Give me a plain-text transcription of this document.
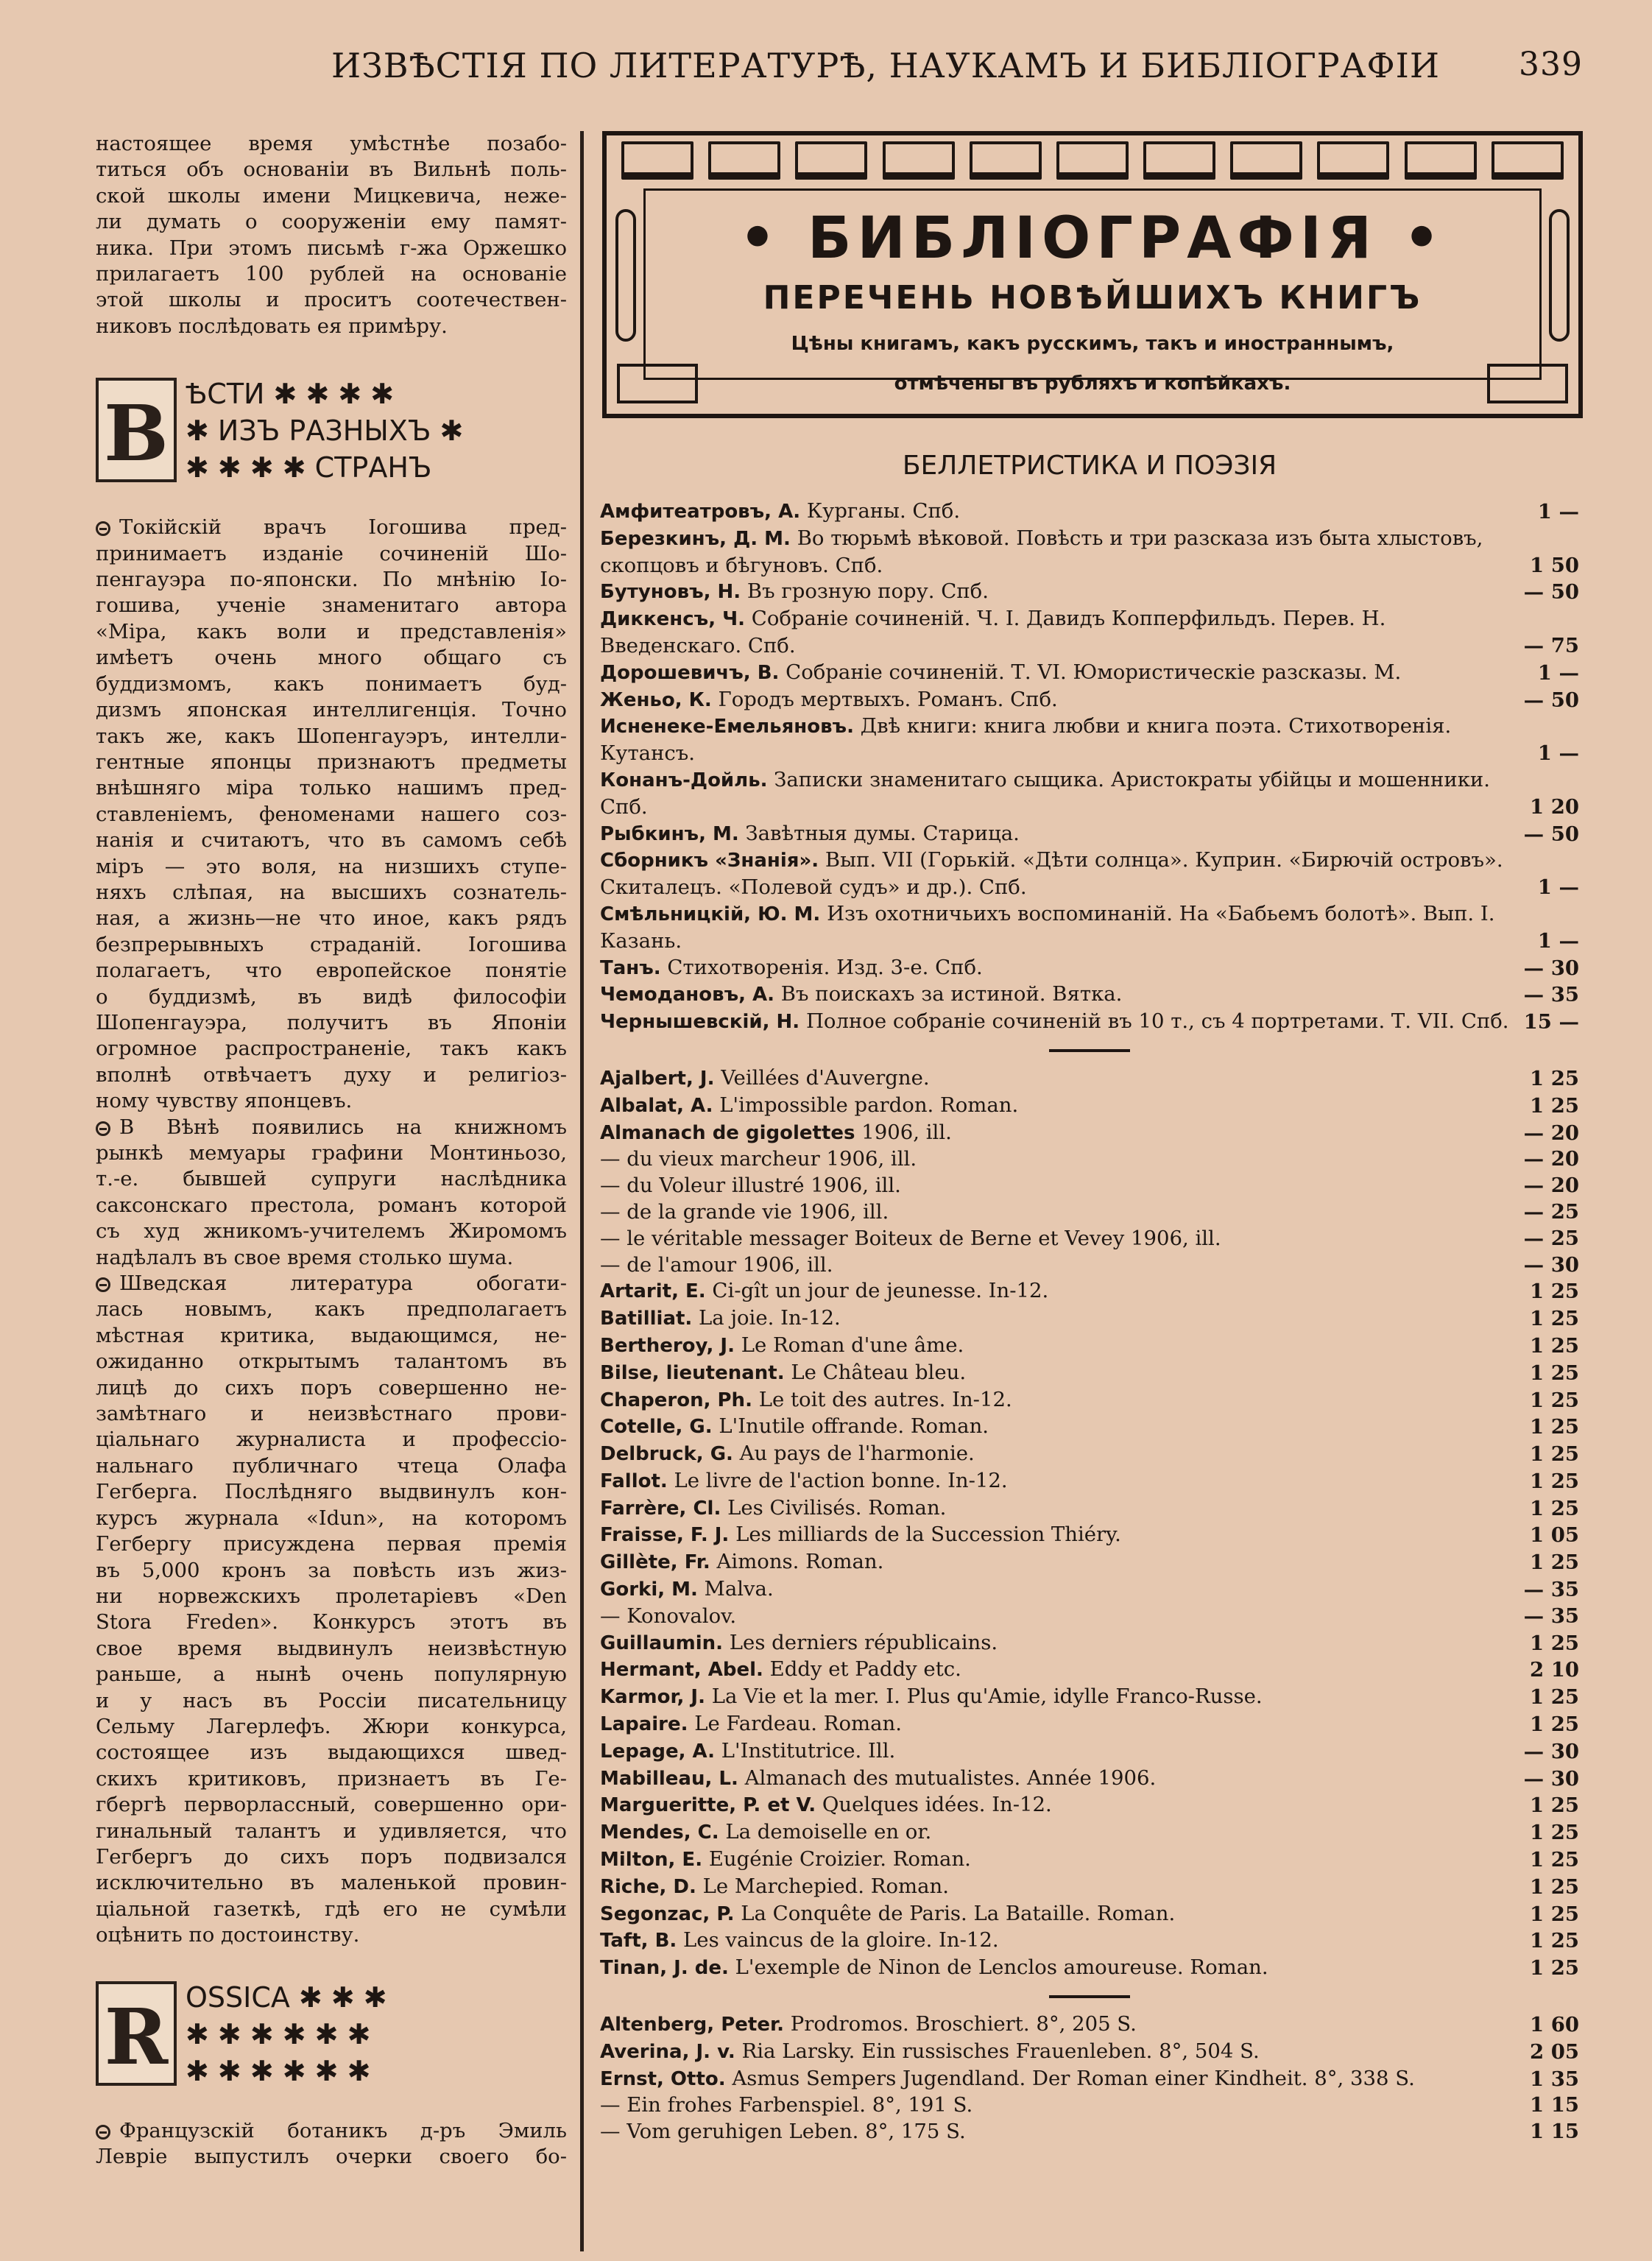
ИЗВѢСТІЯ ПО ЛИТЕРАТУРѢ, НАУКАМЪ И БИБЛІОГРАФІИ 339
настоящее время умѣстнѣе позабо-
титься объ основаніи въ Вильнѣ поль-
ской школы имени Мицкевича, неже-
ли думать о сооруженіи ему памят-
ника. При этомъ письмѣ г-жа Оржешко
прилагаетъ 100 рублей на основаніе
этой школы и проситъ соотечествен-
никовъ послѣдовать ея примѣру.
В ѢСТИ ✱ ✱ ✱ ✱
✱ ИЗЪ РАЗНЫХЪ ✱
✱ ✱ ✱ ✱ СТРАНЪ
Токійскій врачъ Іогошива пред-
принимаетъ изданіе сочиненій Шо-
пенгауэра по-японски. По мнѣнію Іо-
гошива, ученіе знаменитаго автора
«Міра, какъ воли и представленія»
имѣетъ очень много общаго съ
буддизмомъ, какъ понимаетъ буд-
дизмъ японская интеллигенція. Точно
такъ же, какъ Шопенгауэръ, интелли-
гентные японцы признаютъ предметы
внѣшняго міра только нашимъ пред-
ставленіемъ, феноменами нашего соз-
нанія и считаютъ, что въ самомъ себѣ
міръ — это воля, на низшихъ ступе-
няхъ слѣпая, на высшихъ сознатель-
ная, а жизнь—не что иное, какъ рядъ
безпрерывныхъ страданій. Іогошива
полагаетъ, что европейское понятіе
о буддизмѣ, въ видѣ философіи
Шопенгауэра, получитъ въ Японіи
огромное распространеніе, такъ какъ
вполнѣ отвѣчаетъ духу и религіоз-
ному чувству японцевъ.
В Вѣнѣ появились на книжномъ
рынкѣ мемуары графини Монтиньозо,
т.-е. бывшей супруги наслѣдника
саксонскаго престола, романъ которой
съ худ жникомъ-учителемъ Жиромомъ
надѣлалъ въ свое время столько шума.
Шведская литература обогати-
лась новымъ, какъ предполагаетъ
мѣстная критика, выдающимся, не-
ожиданно открытымъ талантомъ въ
лицѣ до сихъ поръ совершенно не-
замѣтнаго и неизвѣстнаго прови-
ціальнаго журналиста и профессіо-
нальнаго публичнаго чтеца Олафа
Гегберга. Послѣдняго выдвинулъ кон-
курсъ журнала «Idun», на которомъ
Гегбергу присуждена первая премія
въ 5,000 кронъ за повѣсть изъ жиз-
ни норвежскихъ пролетаріевъ «Den
Stora Freden». Конкурсъ этотъ въ
свое время выдвинулъ неизвѣстную
раньше, а нынѣ очень популярную
и у насъ въ Россіи писательницу
Сельму Лагерлефъ. Жюри конкурса,
состоящее изъ выдающихся швед-
скихъ критиковъ, признаетъ въ Ге-
гбергѣ перворлассный, совершенно ори-
гинальный талантъ и удивляется, что
Гегбергъ до сихъ поръ подвизался
исключительно въ маленькой провин-
ціальной газеткѣ, гдѣ его не сумѣли
оцѣнить по достоинству.
R OSSICA ✱ ✱ ✱
✱ ✱ ✱ ✱ ✱ ✱
✱ ✱ ✱ ✱ ✱ ✱
Французскій ботаникъ д-ръ Эмиль
Леврie выпустилъ очерки своего бо-
• БИБЛІОГРАФІЯ •
ПЕРЕЧЕНЬ НОВѢЙШИХЪ КНИГЪ
Цѣны книгамъ, какъ русскимъ, такъ и иностраннымъ,
отмѣчены въ рубляхъ и копѣйкахъ.
БЕЛЛЕТРИСТИКА И ПОЭЗІЯ
Амфитеатровъ, А. Курганы. Спб.	1 —
Березкинъ, Д. М. Во тюрьмѣ вѣковой. Повѣсть и три разсказа изъ быта хлыстовъ, скопцовъ и бѣгуновъ. Спб.	1 50
Бутуновъ, Н. Въ грозную пору. Спб.	— 50
Диккенсъ, Ч. Собраніе сочиненій. Ч. I. Давидъ Копперфильдъ. Перев. Н. Введенскаго. Спб.	— 75
Дорошевичъ, В. Собраніе сочиненій. Т. VI. Юмористическіе разсказы. М.	1 —
Женьо, К. Городъ мертвыхъ. Романъ. Спб.	— 50
Исненеке-Емельяновъ. Двѣ книги: книга любви и книга поэта. Стихотворенія. Кутансъ.	1 —
Конанъ-Дойль. Записки знаменитаго сыщика. Аристократы убійцы и мошенники. Спб.	1 20
Рыбкинъ, М. Завѣтныя думы. Старица.	— 50
Сборникъ «Знанія». Вып. VII (Горькій. «Дѣти солнца». Куприн. «Бирючій островъ». Скиталецъ. «Полевой судъ» и др.). Спб.	1 —
Смѣльницкій, Ю. М. Изъ охотничьихъ воспоминаній. На «Бабьемъ болотѣ». Вып. I. Казань.	1 —
Танъ. Стихотворенія. Изд. 3-е. Спб.	— 30
Чемодановъ, А. Въ поискахъ за истиной. Вятка.	— 35
Чернышевскій, Н. Полное собраніе сочиненій въ 10 т., съ 4 портретами. Т. VII. Спб. 15 —
Ajalbert, J. Veillées d'Auvergne.	1 25
Albalat, A. L'impossible pardon. Roman.	1 25
Almanach de gigolettes 1906, ill.	— 20
— du vieux marcheur 1906, ill.	— 20
— du Voleur illustré 1906, ill.	— 20
— de la grande vie 1906, ill.	— 25
— le véritable messager Boiteux de Berne et Vevey 1906, ill.	— 25
— de l'amour 1906, ill.	— 30
Artarit, E. Ci-gît un jour de jeunesse. In-12.	1 25
Batilliat. La joie. In-12.	1 25
Bertheroy, J. Le Roman d'une âme.	1 25
Bilse, lieutenant. Le Château bleu.	1 25
Chaperon, Ph. Le toit des autres. In-12.	1 25
Cotelle, G. L'Inutile offrande. Roman.	1 25
Delbruck, G. Au pays de l'harmonie.	1 25
Fallot. Le livre de l'action bonne. In-12.	1 25
Farrère, Cl. Les Civilisés. Roman.	1 25
Fraisse, F. J. Les milliards de la Succession Thiéry.	1 05
Gillète, Fr. Aimons. Roman.	1 25
Gorki, M. Malva.	— 35
— Konovalov.	— 35
Guillaumin. Les derniers républicains.	1 25
Hermant, Abel. Eddy et Paddy etc.	2 10
Karmor, J. La Vie et la mer. I. Plus qu'Amie, idylle Franco-Russe.	1 25
Lapaire. Le Fardeau. Roman.	1 25
Lepage, A. L'Institutrice. Ill.	— 30
Mabilleau, L. Almanach des mutualistes. Année 1906.	— 30
Margueritte, P. et V. Quelques idées. In-12.	1 25
Mendes, C. La demoiselle en or.	1 25
Milton, E. Eugénie Croizier. Roman.	1 25
Riche, D. Le Marchepied. Roman.	1 25
Segonzac, P. La Conquête de Paris. La Bataille. Roman.	1 25
Taft, B. Les vaincus de la gloire. In-12.	1 25
Tinan, J. de. L'exemple de Ninon de Lenclos amoureuse. Roman.	1 25
Altenberg, Peter. Prodromos. Broschiert. 8°, 205 S.	1 60
Averina, J. v. Ria Larsky. Ein russisches Frauenleben. 8°, 504 S.	2 05
Ernst, Otto. Asmus Sempers Jugendland. Der Roman einer Kindheit. 8°, 338 S.	1 35
— Ein frohes Farbenspiel. 8°, 191 S.	1 15
— Vom geruhigen Leben. 8°, 175 S.	1 15
